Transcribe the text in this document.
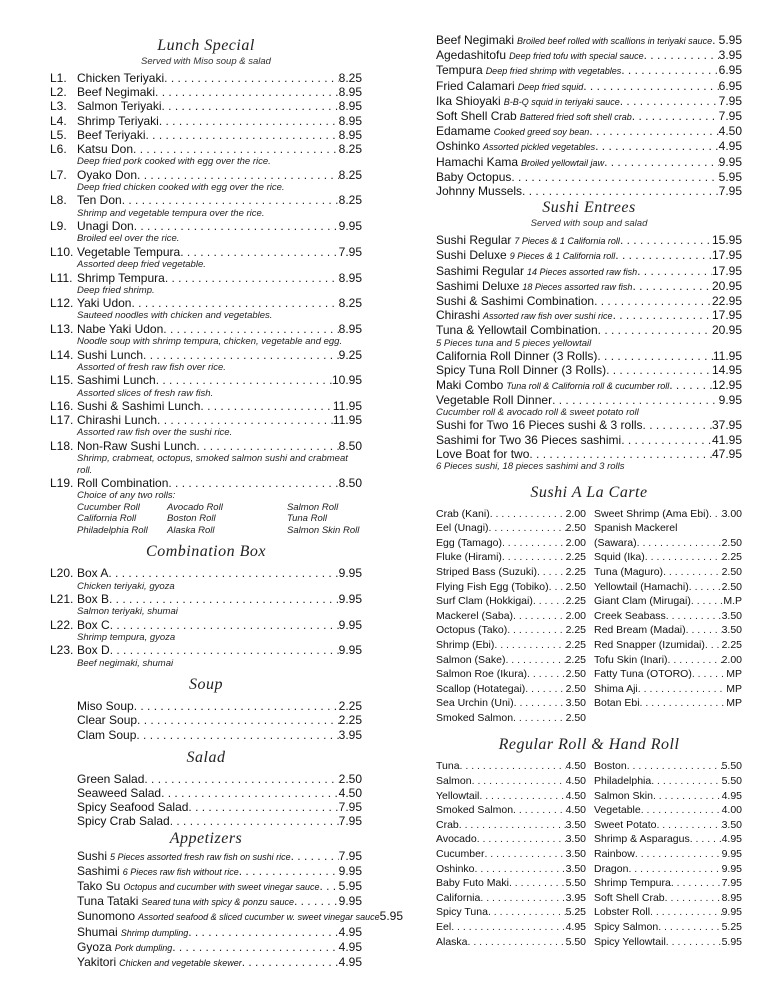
Lunch Special
Served with Miso soup & salad
L1. Chicken Teriyaki . . .	8.25
L2. Beef Negimaki . . .	8.95
L3. Salmon Teriyaki . . .	8.95
L4. Shrimp Teriyaki . . .	8.95
L5. Beef Teriyaki . . .	8.95
L6. Katsu Don . . .	8.25
Deep fried pork cooked with egg over the rice.
L7. Oyako Don . . .	8.25
Deep fried chicken cooked with egg over the rice.
L8. Ten Don . . .	8.25
Shrimp and vegetable tempura over the rice.
L9. Unagi Don . . .	9.95
Broiled eel over the rice.
L10. Vegetable Tempura . . .	7.95
Assorted deep fried vegetable.
L11. Shrimp Tempura . . .	8.95
Deep fried shrimp.
L12. Yaki Udon . . .	8.25
Sauteed noodles with chicken and vegetables.
L13. Nabe Yaki Udon . . .	8.95
Noodle soup with shrimp tempura, chicken, vegetable and egg.
L14. Sushi Lunch . . .	9.25
Assorted of fresh raw fish over rice.
L15. Sashimi Lunch . . .	10.95
Assorted slices of fresh raw fish.
L16. Sushi & Sashimi Lunch . . .	11.95
L17. Chirashi Lunch . . .	11.95
Assorted raw fish over the sushi rice.
L18. Non-Raw Sushi Lunch . . .	8.50
Shrimp, crabmeat, octopus, smoked salmon sushi and crabmeat roll.
L19. Roll Combination . . .	8.50
Choice of any two rolls:
Cucumber Roll	Avocado Roll	Salmon Roll
California Roll	Boston Roll	Tuna Roll
Philadelphia Roll	Alaska Roll	Salmon Skin Roll
Combination Box
L20. Box A . . .	9.95
Chicken teriyaki, gyoza
L21. Box B . . .	9.95
Salmon teriyaki, shumai
L22. Box C . . .	9.95
Shrimp tempura, gyoza
L23. Box D . . .	9.95
Beef negimaki, shumai
Soup
Miso Soup . . .	2.25
Clear Soup . . .	2.25
Clam Soup . . .	3.95
Salad
Green Salad . . .	2.50
Seaweed Salad . . .	4.50
Spicy Seafood Salad . . .	7.95
Spicy Crab Salad . . .	7.95
Appetizers
Sushi 5 Pieces assorted fresh raw fish on sushi rice . . .	7.95
Sashimi 6 Pieces raw fish without rice . . .	9.95
Tako Su Octopus and cucumber with sweet vinegar sauce . . . 5.95
Tuna Tataki Seared tuna with spicy & ponzu sauce . . .	9.95
Sunomono Assorted seafood & sliced cucumber w. sweet vinegar sauce 5.95
Shumai Shrimp dumpling . . .	4.95
Gyoza Pork dumpling . . .	4.95
Yakitori Chicken and vegetable skewer . . .	4.95
Beef Negimaki Broiled beef rolled with scallions in teriyaki sauce . . . 5.95
Agedashitofu Deep fried tofu with special sauce . . .	3.95
Tempura Deep fried shrimp with vegetables . . .	6.95
Fried Calamari Deep fried squid . . .	6.95
Ika Shioyaki B-B-Q squid in teriyaki sauce . . .	7.95
Soft Shell Crab Battered fried soft shell crab . . .	7.95
Edamame Cooked greed soy bean . . .	4.50
Oshinko Assorted pickled vegetables . . .	4.95
Hamachi Kama Broiled yellowtail jaw . . .	9.95
Baby Octopus . . .	5.95
Johnny Mussels . . .	7.95
Sushi Entrees
Served with soup and salad
Sushi Regular 7 Pieces & 1 California roll . . .	15.95
Sushi Deluxe 9 Pieces & 1 California roll . . .	17.95
Sashimi Regular 14 Pieces assorted raw fish . . .	17.95
Sashimi Deluxe 18 Pieces assorted raw fish . . .	20.95
Sushi & Sashimi Combination . . .	22.95
Chirashi Assorted raw fish over sushi rice . . .	17.95
Tuna & Yellowtail Combination . . .	20.95
5 Pieces tuna and 5 pieces yellowtail
California Roll Dinner (3 Rolls) . . .	11.95
Spicy Tuna Roll Dinner (3 Rolls) . . .	14.95
Maki Combo Tuna roll & California roll & cucumber roll . . .	12.95
Vegetable Roll Dinner . . .	9.95
Cucumber roll & avocado roll & sweet potato roll
Sushi for Two 16 Pieces sushi & 3 rolls . . .	37.95
Sashimi for Two 36 Pieces sashimi . . .	41.95
Love Boat for two . . .	47.95
6 Pieces sushi, 18 pieces sashimi and 3 rolls
Sushi A La Carte
Crab (Kani) . . .	2.00
Eel (Unagi) . . .	2.50
Egg (Tamago) . . .	2.00
Fluke (Hirami) . . .	2.25
Striped Bass (Suzuki) . . .	2.25
Flying Fish Egg (Tobiko) . . . 2.50
Surf Clam (Hokkigai) . . .	2.25
Mackerel (Saba) . . .	2.00
Octopus (Tako) . . .	2.25
Shrimp (Ebi) . . .	2.25
Salmon (Sake) . . .	2.25
Salmon Roe (Ikura) . . .	2.50
Scallop (Hotategai) . . .	2.50
Sea Urchin (Uni) . . .	3.50
Smoked Salmon . . .	2.50
Sweet Shrimp (Ama Ebi) . . . 3.00
Spanish Mackerel
(Sawara) . . .	2.50
Squid (Ika) . . .	2.25
Tuna (Maguro) . . .	2.50
Yellowtail (Hamachi) . . .	2.50
Giant Clam (Mirugai) . . .	M.P
Creek Seabass . . .	3.50
Red Bream (Madai) . . .	3.50
Red Snapper (Izumidai) . . . 2.25
Tofu Skin (Inari) . . .	2.00
Fatty Tuna (OTORO) . . .	MP
Shima Aji . . .	MP
Botan Ebi . . .	MP
Regular Roll & Hand Roll
Tuna . . .	4.50
Salmon . . .	4.50
Yellowtail . . .	4.50
Smoked Salmon . . .	4.50
Crab . . .	3.50
Avocado . . .	3.50
Cucumber . . .	3.50
Oshinko . . .	3.50
Baby Futo Maki . . .	5.50
California . . .	3.95
Spicy Tuna . . .	5.25
Eel . . .	4.95
Alaska . . .	5.50
Boston . . .	5.50
Philadelphia . . .	5.50
Salmon Skin . . .	4.95
Vegetable . . .	4.00
Sweet Potato . . .	3.50
Shrimp & Asparagus . . .	4.95
Rainbow . . .	9.95
Dragon . . .	9.95
Shrimp Tempura . . .	7.95
Soft Shell Crab . . .	8.95
Lobster Roll . . .	9.95
Spicy Salmon . . .	5.25
Spicy Yellowtail . . .	5.95
